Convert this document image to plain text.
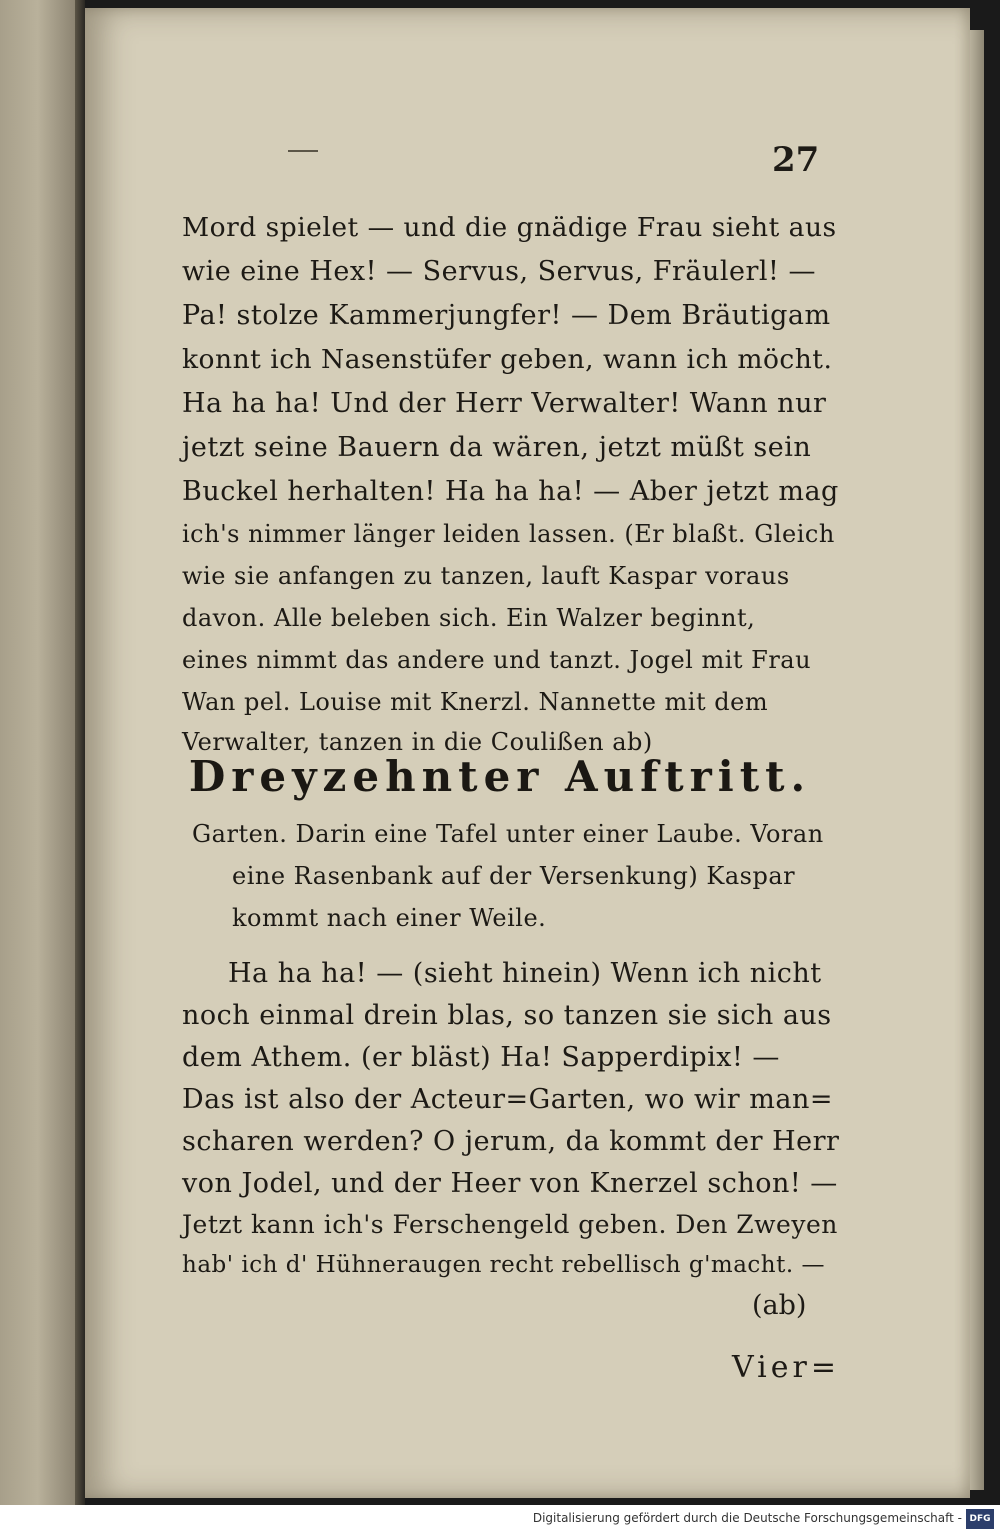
27
Mord spielet — und die gnädige Frau sieht aus
wie eine Hex! — Servus, Servus, Fräulerl! —
Pa! stolze Kammerjungfer! — Dem Bräutigam
konnt ich Nasenstüfer geben, wann ich möcht.
Ha ha ha! Und der Herr Verwalter! Wann nur
jetzt seine Bauern da wären, jetzt müßt sein
Buckel herhalten! Ha ha ha! — Aber jetzt mag
ich's nimmer länger leiden lassen. (Er blaßt. Gleich
wie sie anfangen zu tanzen, lauft Kaspar voraus
davon. Alle beleben sich. Ein Walzer beginnt,
eines nimmt das andere und tanzt. Jogel mit Frau
Wan pel. Louise mit Knerzl. Nannette mit dem
Verwalter, tanzen in die Coulißen ab)
Dreyzehnter Auftritt.
Garten. Darin eine Tafel unter einer Laube. Voran
eine Rasenbank auf der Versenkung) Kaspar
kommt nach einer Weile.
Ha ha ha! — (sieht hinein) Wenn ich nicht
noch einmal drein blas, so tanzen sie sich aus
dem Athem. (er bläst) Ha! Sapperdipix! —
Das ist also der Acteur=Garten, wo wir man=
scharen werden? O jerum, da kommt der Herr
von Jodel, und der Heer von Knerzel schon! —
Jetzt kann ich's Ferschengeld geben. Den Zweyen
hab' ich d' Hühneraugen recht rebellisch g'macht. —
(ab)
Vier=
Digitalisierung gefördert durch die Deutsche Forschungsgemeinschaft - DFG
